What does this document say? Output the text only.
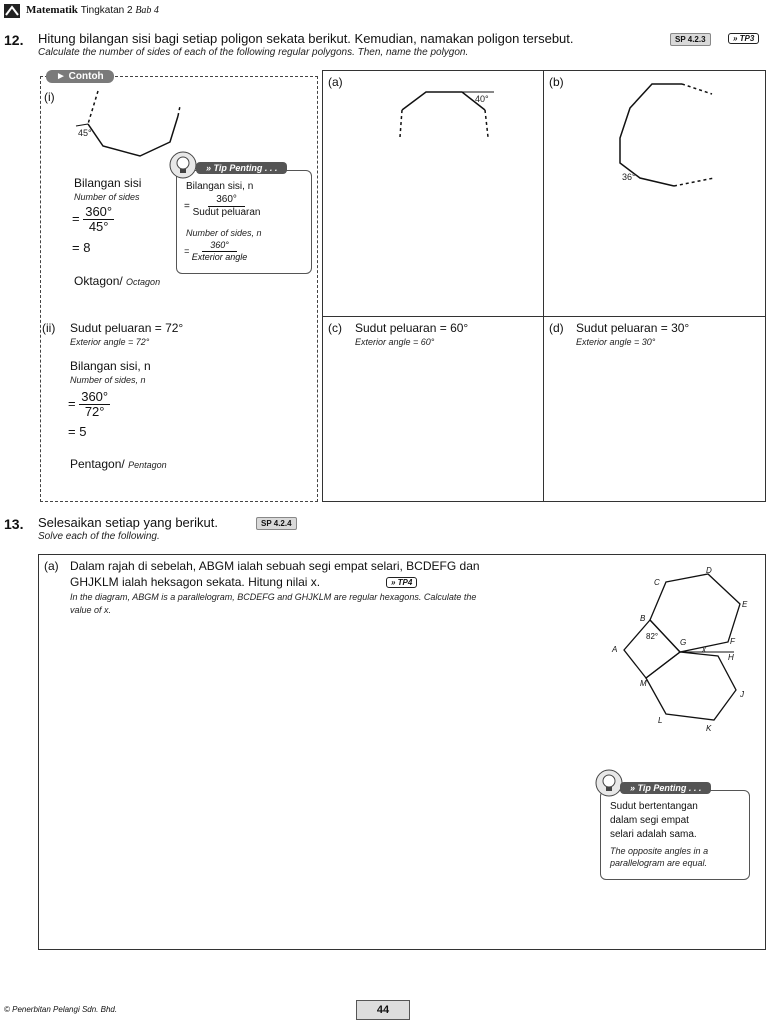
Matematik Tingkatan 2 Bab 4
12. Hitung bilangan sisi bagi setiap poligon sekata berikut. Kemudian, namakan poligon tersebut.
Calculate the number of sides of each of the following regular polygons. Then, name the polygon.
SP 4.2.3	» TP3
► Contoh
(i)
45°
Bilangan sisi
Number of sides
= $\frac{360^\circ}{45^\circ}$
= 8
Oktagon/ Octagon
» Tip Penting . . .
Bilangan sisi, n
= $\frac{360^\circ}{\text{Sudut peluaran}}$
Number of sides, n
= $\frac{360^\circ}{\text{Exterior angle}}$
(ii) Sudut peluaran = 72°
Exterior angle = 72°
Bilangan sisi, n
Number of sides, n
= $\frac{360^\circ}{72^\circ}$
= 5
Pentagon/ Pentagon
(a)
40°
(b)
36°
(c) Sudut peluaran = 60°
Exterior angle = 60°
(d) Sudut peluaran = 30°
Exterior angle = 30°
13. Selesaikan setiap yang berikut.
Solve each of the following.
SP 4.2.4
(a) Dalam rajah di sebelah, ABGM ialah sebuah segi empat selari, BCDEFG dan
GHJKLM ialah heksagon sekata. Hitung nilai x.	» TP4
In the diagram, ABGM is a parallelogram, BCDEFG and GHJKLM are regular hexagons. Calculate the
value of x.
C
D
E
B
F
G
82°
x
A
H
M
J
L
K
» Tip Penting . . .
Sudut bertentangan
dalam segi empat
selari adalah sama.
The opposite angles in a
parallelogram are equal.
© Penerbitan Pelangi Sdn. Bhd.	44
